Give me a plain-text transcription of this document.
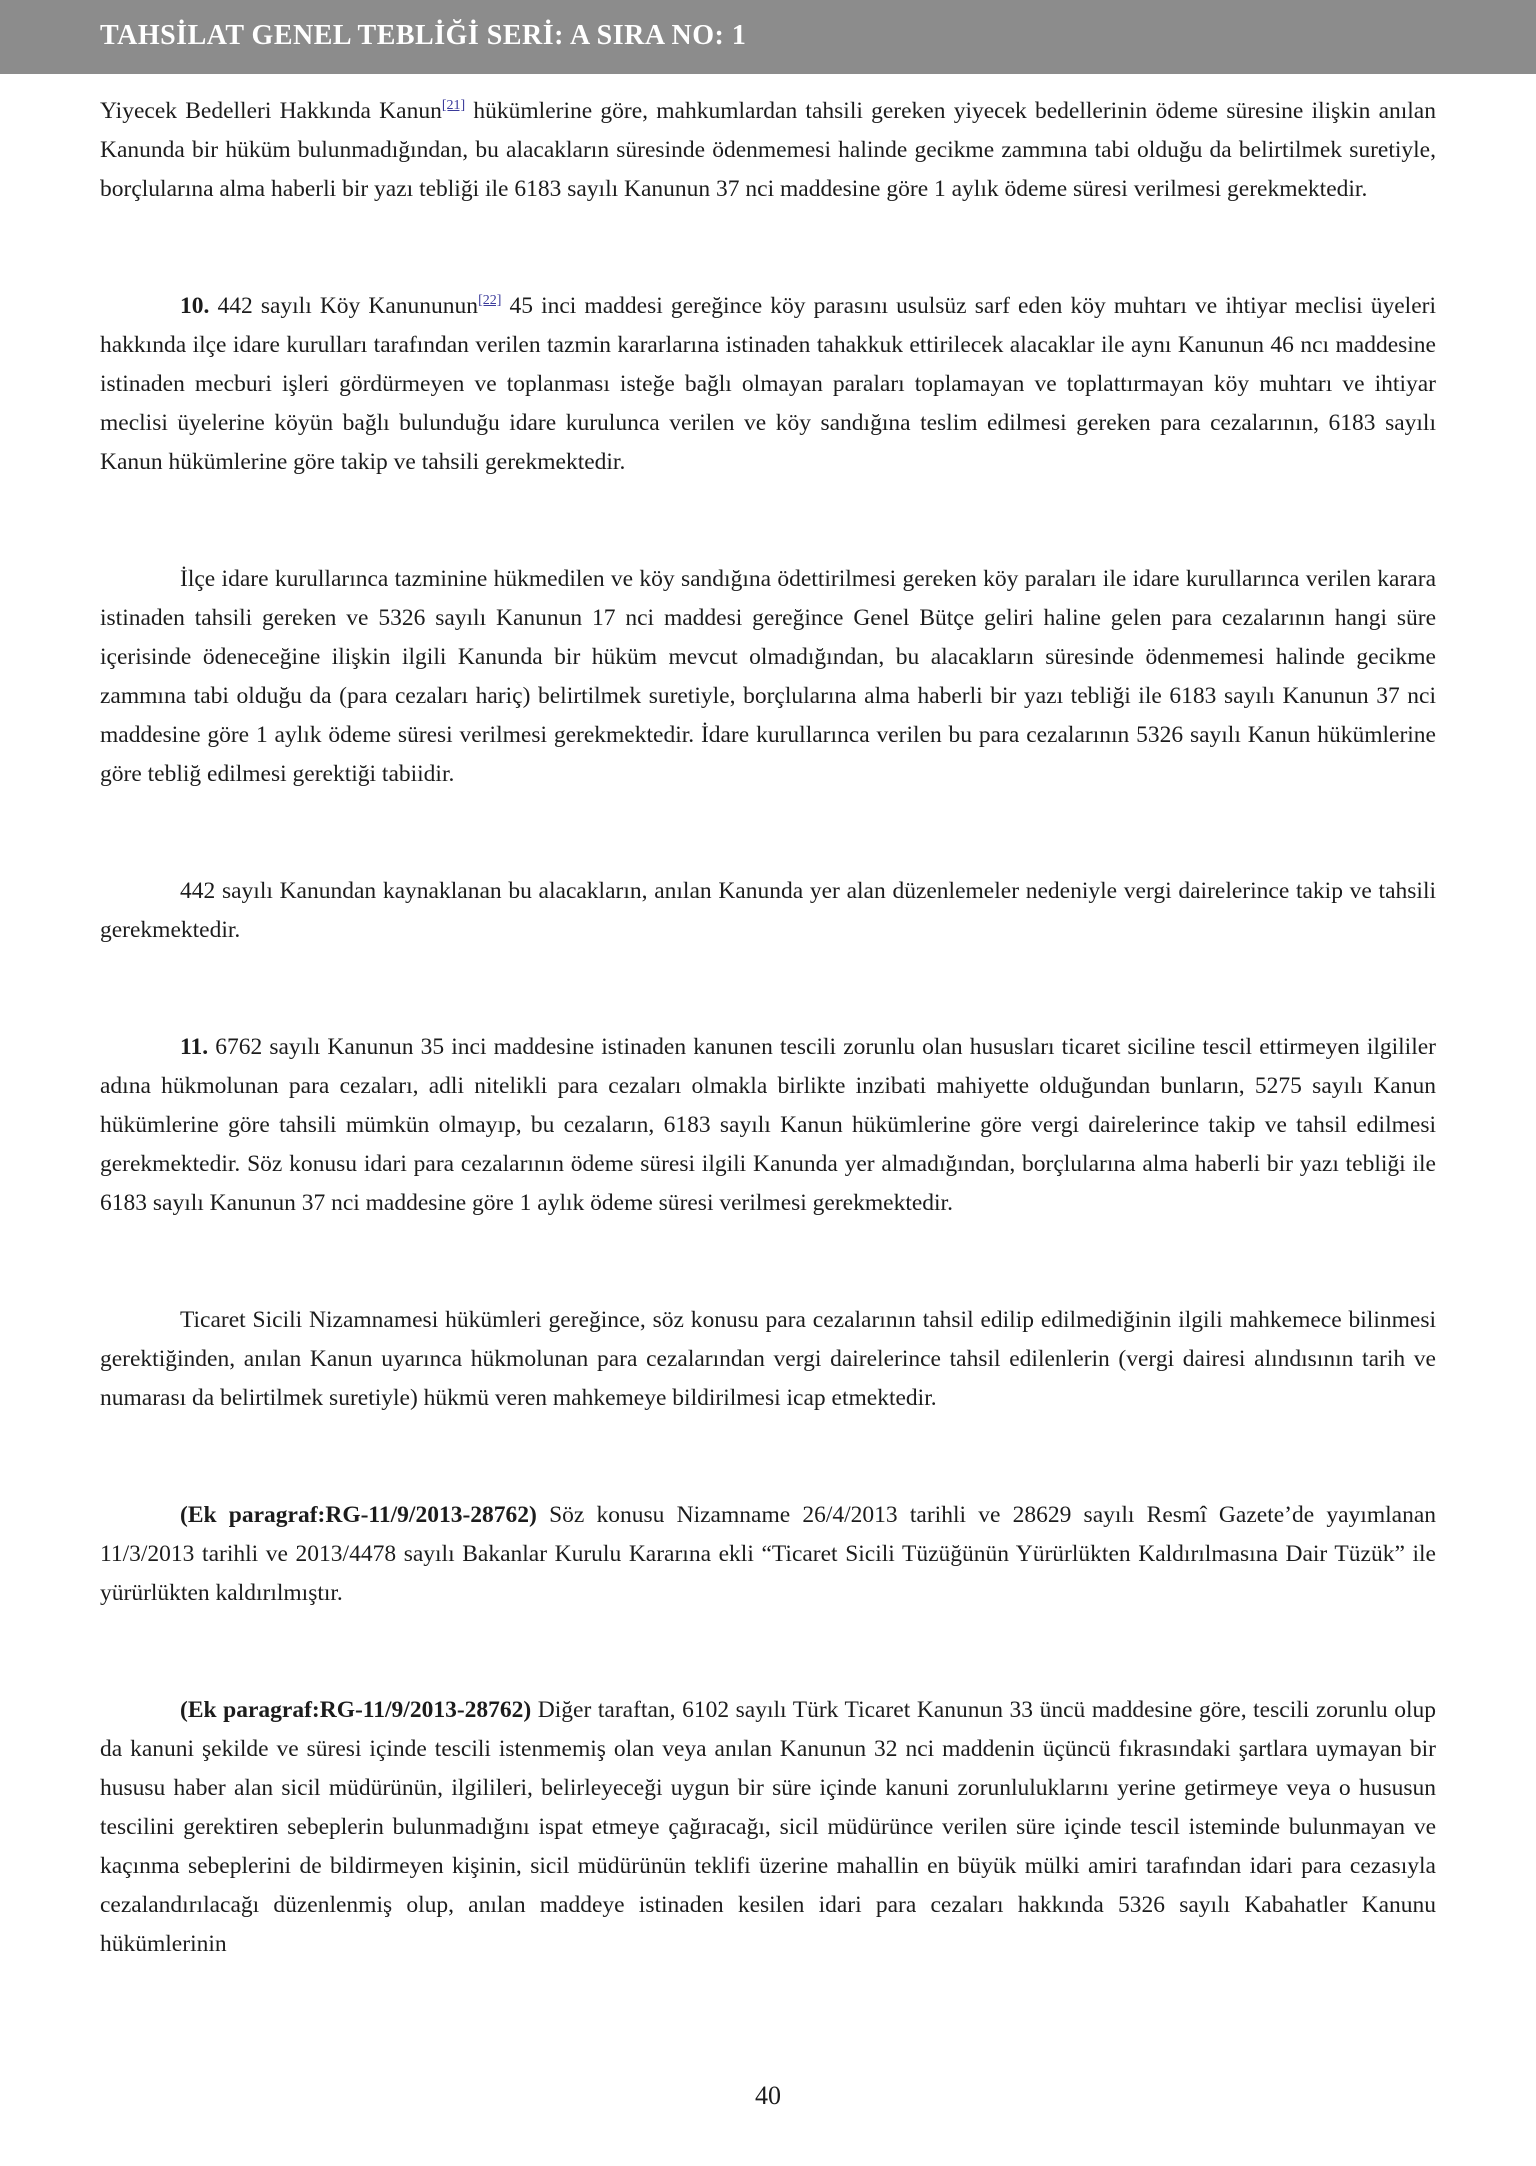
TAHSİLAT GENEL TEBLİĞİ SERİ: A SIRA NO: 1

Yiyecek Bedelleri Hakkında Kanun[21] hükümlerine göre, mahkumlardan tahsili gereken yiyecek bedellerinin ödeme süresine ilişkin anılan Kanunda bir hüküm bulunmadığından, bu alacakların süresinde ödenmemesi halinde gecikme zammına tabi olduğu da belirtilmek suretiyle, borçlularına alma haberli bir yazı tebliği ile 6183 sayılı Kanunun 37 nci maddesine göre 1 aylık ödeme süresi verilmesi gerekmektedir.

10. 442 sayılı Köy Kanununun[22] 45 inci maddesi gereğince köy parasını usulsüz sarf eden köy muhtarı ve ihtiyar meclisi üyeleri hakkında ilçe idare kurulları tarafından verilen tazmin kararlarına istinaden tahakkuk ettirilecek alacaklar ile aynı Kanunun 46 ncı maddesine istinaden mecburi işleri gördürmeyen ve toplanması isteğe bağlı olmayan paraları toplamayan ve toplattırmayan köy muhtarı ve ihtiyar meclisi üyelerine köyün bağlı bulunduğu idare kurulunca verilen ve köy sandığına teslim edilmesi gereken para cezalarının, 6183 sayılı Kanun hükümlerine göre takip ve tahsili gerekmektedir.

İlçe idare kurullarınca tazminine hükmedilen ve köy sandığına ödettirilmesi gereken köy paraları ile idare kurullarınca verilen karara istinaden tahsili gereken ve 5326 sayılı Kanunun 17 nci maddesi gereğince Genel Bütçe geliri haline gelen para cezalarının hangi süre içerisinde ödeneceğine ilişkin ilgili Kanunda bir hüküm mevcut olmadığından, bu alacakların süresinde ödenmemesi halinde gecikme zammına tabi olduğu da (para cezaları hariç) belirtilmek suretiyle, borçlularına alma haberli bir yazı tebliği ile 6183 sayılı Kanunun 37 nci maddesine göre 1 aylık ödeme süresi verilmesi gerekmektedir. İdare kurullarınca verilen bu para cezalarının 5326 sayılı Kanun hükümlerine göre tebliğ edilmesi gerektiği tabiidir.

442 sayılı Kanundan kaynaklanan bu alacakların, anılan Kanunda yer alan düzenlemeler nedeniyle vergi dairelerince takip ve tahsili gerekmektedir.

11. 6762 sayılı Kanunun 35 inci maddesine istinaden kanunen tescili zorunlu olan hususları ticaret siciline tescil ettirmeyen ilgililer adına hükmolunan para cezaları, adli nitelikli para cezaları olmakla birlikte inzibati mahiyette olduğundan bunların, 5275 sayılı Kanun hükümlerine göre tahsili mümkün olmayıp, bu cezaların, 6183 sayılı Kanun hükümlerine göre vergi dairelerince takip ve tahsil edilmesi gerekmektedir. Söz konusu idari para cezalarının ödeme süresi ilgili Kanunda yer almadığından, borçlularına alma haberli bir yazı tebliği ile 6183 sayılı Kanunun 37 nci maddesine göre 1 aylık ödeme süresi verilmesi gerekmektedir.

Ticaret Sicili Nizamnamesi hükümleri gereğince, söz konusu para cezalarının tahsil edilip edilmediğinin ilgili mahkemece bilinmesi gerektiğinden, anılan Kanun uyarınca hükmolunan para cezalarından vergi dairelerince tahsil edilenlerin (vergi dairesi alındısının tarih ve numarası da belirtilmek suretiyle) hükmü veren mahkemeye bildirilmesi icap etmektedir.

(Ek paragraf:RG-11/9/2013-28762) Söz konusu Nizamname 26/4/2013 tarihli ve 28629 sayılı Resmî Gazete’de yayımlanan 11/3/2013 tarihli ve 2013/4478 sayılı Bakanlar Kurulu Kararına ekli “Ticaret Sicili Tüzüğünün Yürürlükten Kaldırılmasına Dair Tüzük” ile yürürlükten kaldırılmıştır.

(Ek paragraf:RG-11/9/2013-28762) Diğer taraftan, 6102 sayılı Türk Ticaret Kanunun 33 üncü maddesine göre, tescili zorunlu olup da kanuni şekilde ve süresi içinde tescili istenmemiş olan veya anılan Kanunun 32 nci maddenin üçüncü fıkrasındaki şartlara uymayan bir hususu haber alan sicil müdürünün, ilgilileri, belirleyeceği uygun bir süre içinde kanuni zorunluluklarını yerine getirmeye veya o hususun tescilini gerektiren sebeplerin bulunmadığını ispat etmeye çağıracağı, sicil müdürünce verilen süre içinde tescil isteminde bulunmayan ve kaçınma sebeplerini de bildirmeyen kişinin, sicil müdürünün teklifi üzerine mahallin en büyük mülki amiri tarafından idari para cezasıyla cezalandırılacağı düzenlenmiş olup, anılan maddeye istinaden kesilen idari para cezaları hakkında 5326 sayılı Kabahatler Kanunu hükümlerinin

40
